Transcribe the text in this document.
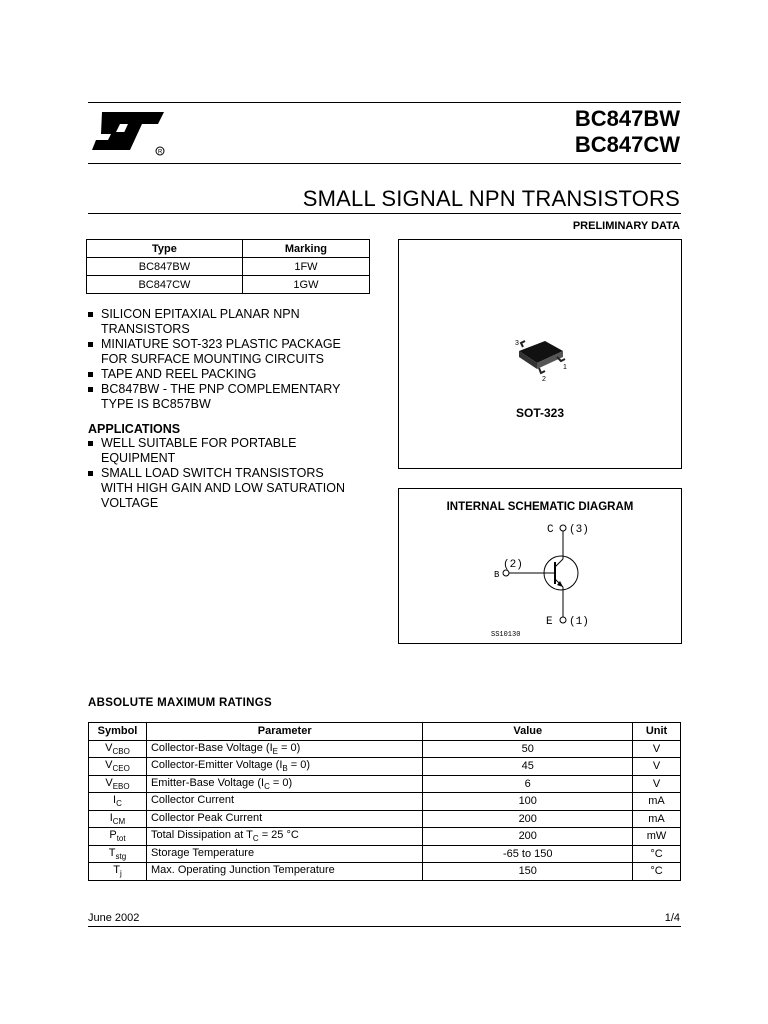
R
BC847BW
BC847CW
SMALL SIGNAL NPN TRANSISTORS
PRELIMINARY DATA
Type	Marking
BC847BW	1FW
BC847CW	1GW
SILICON EPITAXIAL PLANAR NPN
TRANSISTORS
MINIATURE SOT-323 PLASTIC PACKAGE
FOR SURFACE MOUNTING CIRCUITS
TAPE AND REEL PACKING
BC847BW - THE PNP COMPLEMENTARY
TYPE IS BC857BW
APPLICATIONS
WELL SUITABLE FOR PORTABLE
EQUIPMENT
SMALL LOAD SWITCH TRANSISTORS
WITH HIGH GAIN AND LOW SATURATION
VOLTAGE
3
1
2
SOT-323
INTERNAL SCHEMATIC DIAGRAM
C (3)
B
(2)
E (1)
SS10130
ABSOLUTE MAXIMUM RATINGS
Symbol	Parameter	Value	Unit
$V_{CBO}$	Collector-Base Voltage $(I_E = 0)$	50	V
$V_{CEO}$	Collector-Emitter Voltage $(I_B = 0)$	45	V
$V_{EBO}$	Emitter-Base Voltage $(I_C = 0)$	6	V
$I_C$	Collector Current	100	mA
$I_{CM}$	Collector Peak Current	200	mA
$P_{tot}$	Total Dissipation at $T_C = 25$ °C	200	mW
$T_{stg}$	Storage Temperature	-65 to 150	°C
$T_j$	Max. Operating Junction Temperature	150	°C
June 2002	1/4
